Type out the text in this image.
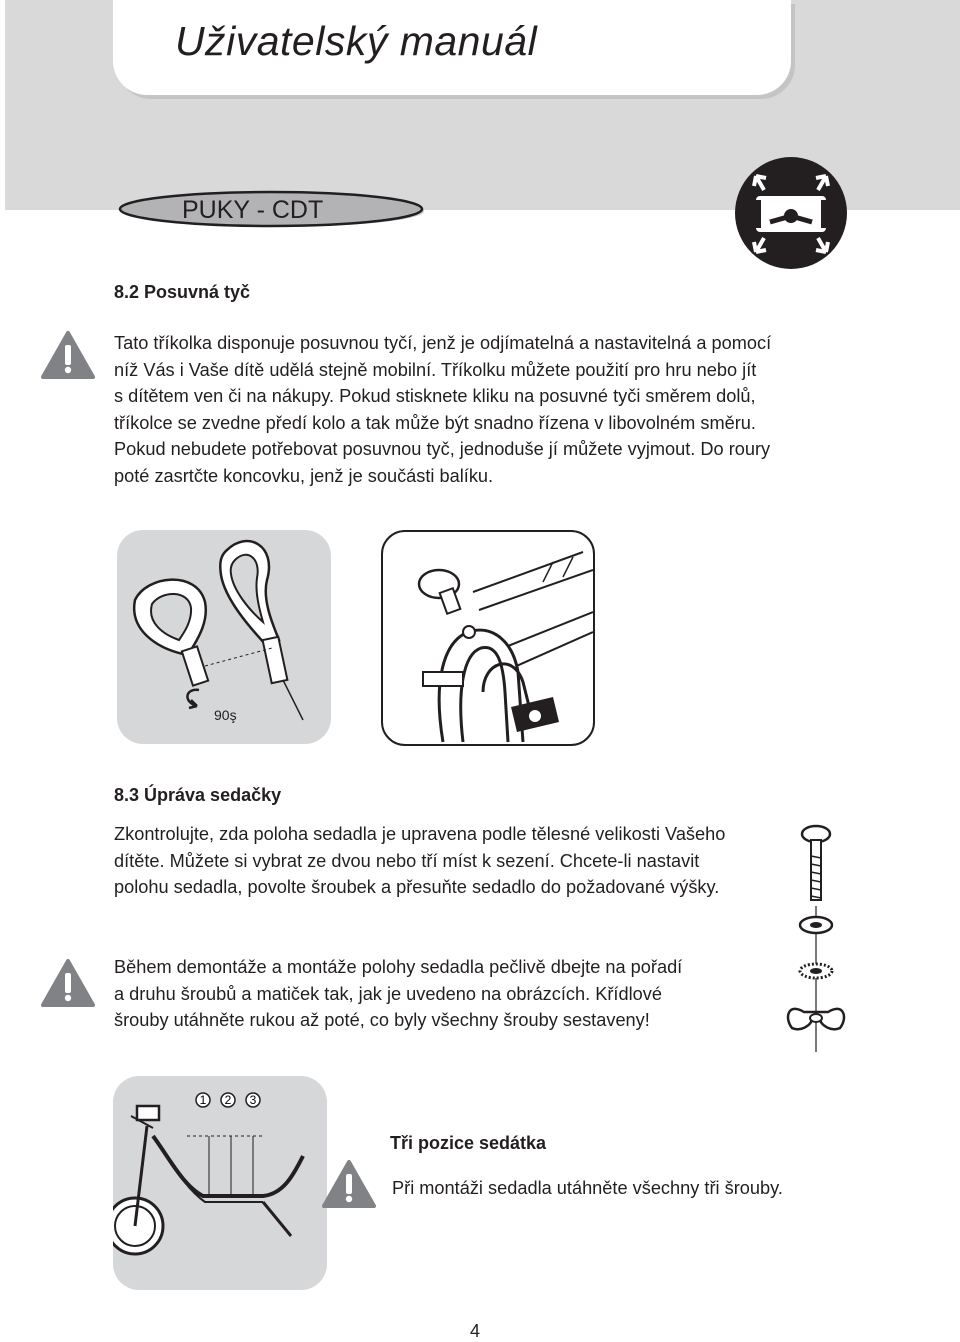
Uživatelský manuál
PUKY - CDT
8.2 Posuvná tyč
Tato tříkolka disponuje posuvnou tyčí, jenž je odjímatelná a nastavitelná a pomocí
níž Vás i Vaše dítě udělá stejně mobilní. Tříkolku můžete použití pro hru nebo jít
s dítětem ven či na nákupy. Pokud stisknete kliku na posuvné tyči směrem dolů,
tříkolce se zvedne předí kolo a tak může být snadno řízena v libovolném směru.
Pokud nebudete potřebovat posuvnou tyč, jednoduše jí můžete vyjmout. Do roury
poté zasrtčte koncovku, jenž je součásti balíku.
90ş
8.3 Úpráva sedačky
Zkontrolujte, zda poloha sedadla je upravena podle tělesné velikosti Vašeho
dítěte. Můžete si vybrat ze dvou nebo tří míst k sezení. Chcete-li nastavit
polohu sedadla, povolte šroubek a přesuňte sedadlo do požadované výšky.
Během demontáže a montáže polohy sedadla pečlivě dbejte na pořadí
a druhu šroubů a matiček tak, jak je uvedeno na obrázcích. Křídlové
šrouby utáhněte rukou až poté, co byly všechny šrouby sestaveny!
1 2 3
Tři pozice sedátka
Při montáži sedadla utáhněte všechny tři šrouby.
4
